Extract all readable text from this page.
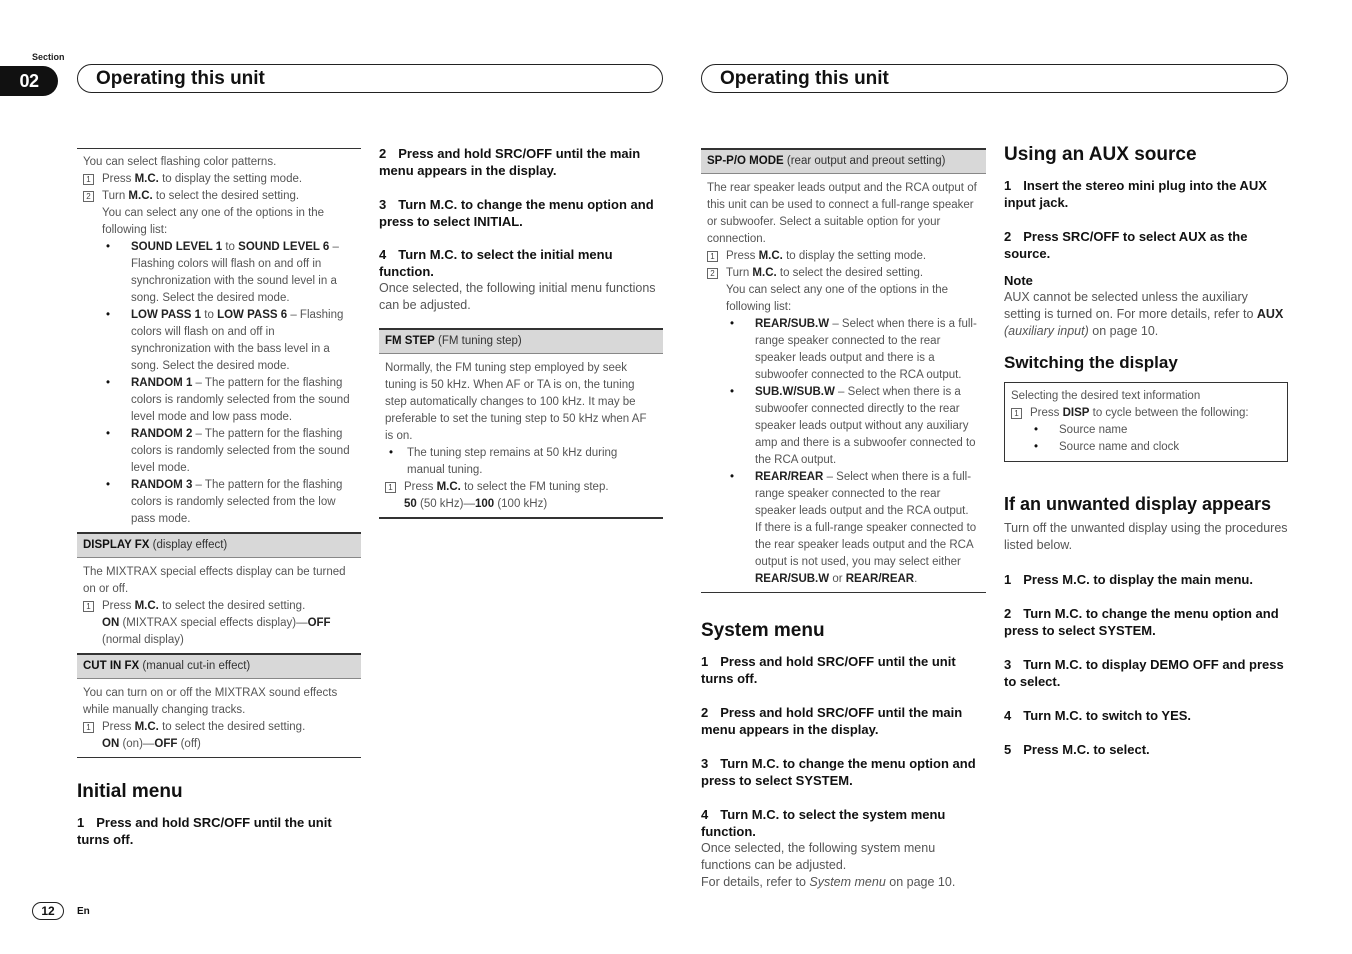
Section
02	Operating this unit	Operating this unit
You can select flashing color patterns.
1 Press M.C. to display the setting mode.
2 Turn M.C. to select the desired setting.
You can select any one of the options in the following list:
•	SOUND LEVEL 1 to SOUND LEVEL 6 – Flashing colors will flash on and off in synchronization with the sound level in a song. Select the desired mode.
•	LOW PASS 1 to LOW PASS 6 – Flashing colors will flash on and off in synchronization with the bass level in a song. Select the desired mode.
•	RANDOM 1 – The pattern for the flashing colors is randomly selected from the sound level mode and low pass mode.
•	RANDOM 2 – The pattern for the flashing colors is randomly selected from the sound level mode.
•	RANDOM 3 – The pattern for the flashing colors is randomly selected from the low pass mode.
DISPLAY FX (display effect)
The MIXTRAX special effects display can be turned on or off.
1 Press M.C. to select the desired setting.
ON (MIXTRAX special effects display)—OFF
(normal display)
CUT IN FX (manual cut-in effect)
You can turn on or off the MIXTRAX sound effects while manually changing tracks.
1 Press M.C. to select the desired setting.
ON (on)—OFF (off)
Initial menu
1 Press and hold SRC/OFF until the unit turns off.
2 Press and hold SRC/OFF until the main menu appears in the display.
3 Turn M.C. to change the menu option and press to select INITIAL.
4 Turn M.C. to select the initial menu function.
Once selected, the following initial menu functions can be adjusted.
FM STEP (FM tuning step)
Normally, the FM tuning step employed by seek tuning is 50 kHz. When AF or TA is on, the tuning step automatically changes to 100 kHz. It may be preferable to set the tuning step to 50 kHz when AF is on.
•	The tuning step remains at 50 kHz during manual tuning.
1 Press M.C. to select the FM tuning step.
50 (50 kHz)—100 (100 kHz)
SP-P/O MODE (rear output and preout setting)
The rear speaker leads output and the RCA output of this unit can be used to connect a full-range speaker or subwoofer. Select a suitable option for your connection.
1 Press M.C. to display the setting mode.
2 Turn M.C. to select the desired setting.
You can select any one of the options in the following list:
•	REAR/SUB.W – Select when there is a full-range speaker connected to the rear speaker leads output and there is a subwoofer connected to the RCA output.
•	SUB.W/SUB.W – Select when there is a subwoofer connected directly to the rear speaker leads output without any auxiliary amp and there is a subwoofer connected to the RCA output.
•	REAR/REAR – Select when there is a full-range speaker connected to the rear speaker leads output and the RCA output.
If there is a full-range speaker connected to the rear speaker leads output and the RCA output is not used, you may select either REAR/SUB.W or REAR/REAR.
System menu
1 Press and hold SRC/OFF until the unit turns off.
2 Press and hold SRC/OFF until the main menu appears in the display.
3 Turn M.C. to change the menu option and press to select SYSTEM.
4 Turn M.C. to select the system menu function.
Once selected, the following system menu functions can be adjusted.
For details, refer to System menu on page 10.
Using an AUX source
1 Insert the stereo mini plug into the AUX input jack.
2 Press SRC/OFF to select AUX as the source.
Note
AUX cannot be selected unless the auxiliary setting is turned on. For more details, refer to AUX
(auxiliary input) on page 10.
Switching the display
Selecting the desired text information
1 Press DISP to cycle between the following:
•	Source name
•	Source name and clock
If an unwanted display appears
Turn off the unwanted display using the procedures listed below.
1 Press M.C. to display the main menu.
2 Turn M.C. to change the menu option and press to select SYSTEM.
3 Turn M.C. to display DEMO OFF and press to select.
4 Turn M.C. to switch to YES.
5 Press M.C. to select.
12	En
